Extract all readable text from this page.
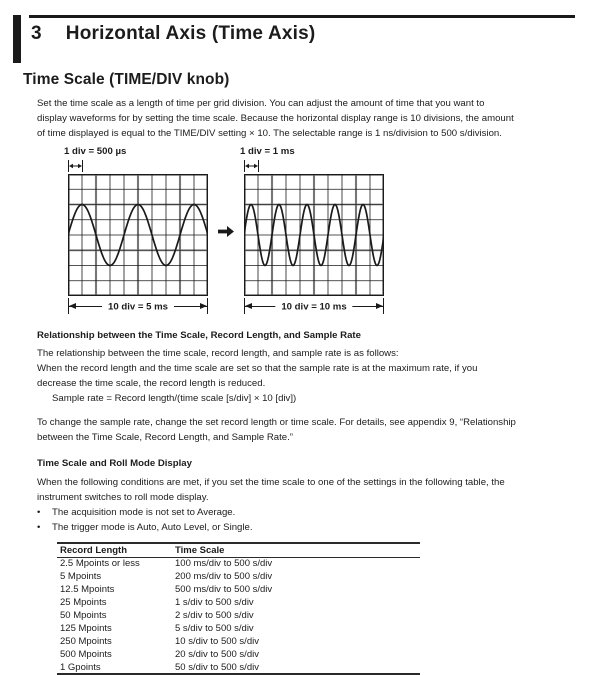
3 Horizontal Axis (Time Axis)
Time Scale (TIME/DIV knob)
Set the time scale as a length of time per grid division. You can adjust the amount of time that you want to
display waveforms for by setting the time scale. Because the horizontal display range is 10 divisions, the amount
of time displayed is equal to the TIME/DIV setting × 10. The selectable range is 1 ns/division to 500 s/division.
1 div = 500 µs
10 div = 5 ms
1 div = 1 ms
10 div = 10 ms
Relationship between the Time Scale, Record Length, and Sample Rate
The relationship between the time scale, record length, and sample rate is as follows:
When the record length and the time scale are set so that the sample rate is at the maximum rate, if you
decrease the time scale, the record length is reduced.
Sample rate = Record length/(time scale [s/div] × 10 [div])
To change the sample rate, change the set record length or time scale. For details, see appendix 9, “Relationship
between the Time Scale, Record Length, and Sample Rate.”
Time Scale and Roll Mode Display
When the following conditions are met, if you set the time scale to one of the settings in the following table, the
instrument switches to roll mode display.
•	The acquisition mode is not set to Average.
•	The trigger mode is Auto, Auto Level, or Single.
Record Length	Time Scale
2.5 Mpoints or less	100 ms/div to 500 s/div
5 Mpoints	200 ms/div to 500 s/div
12.5 Mpoints	500 ms/div to 500 s/div
25 Mpoints	1 s/div to 500 s/div
50 Mpoints	2 s/div to 500 s/div
125 Mpoints	5 s/div to 500 s/div
250 Mpoints	10 s/div to 500 s/div
500 Mpoints	20 s/div to 500 s/div
1 Gpoints	50 s/div to 500 s/div
